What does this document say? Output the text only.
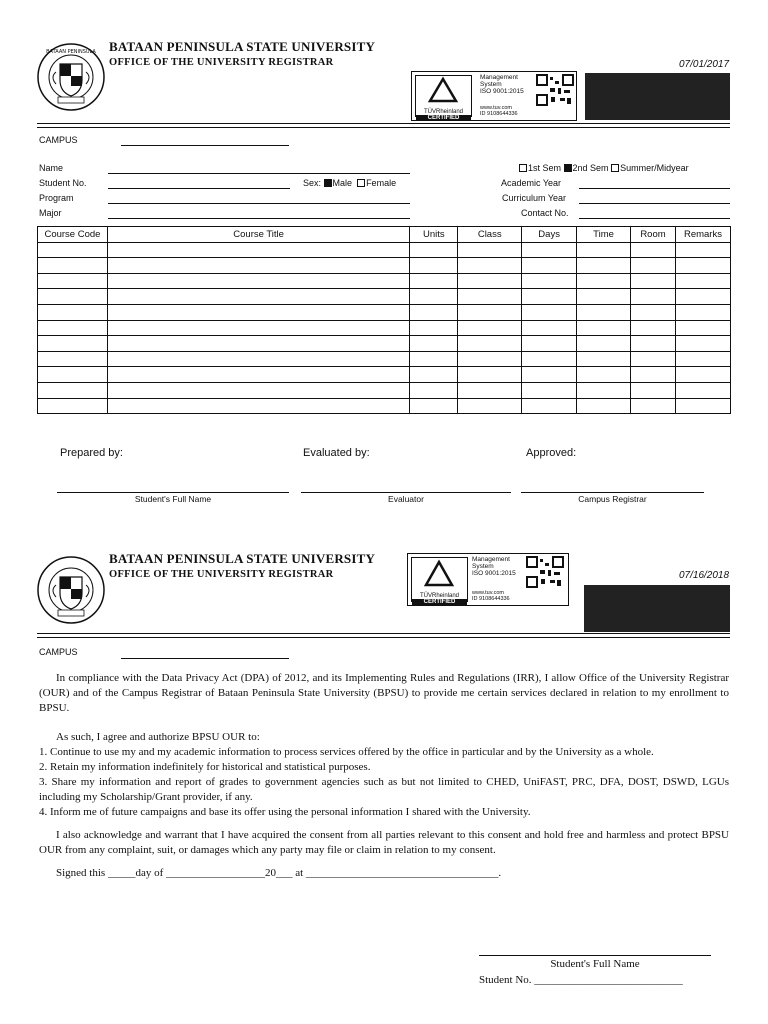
BATAAN PENINSULA BATAAN PENINSULA STATE UNIVERSITY
OFFICE OF THE UNIVERSITY REGISTRAR	07/01/2017
TÜVRheinland
CERTIFIED
Management
System
ISO 9001:2015
www.tuv.com
ID 9108644336
CAMPUS
Name
Student No.	Sex: Male Female
Program
Major
1st Sem 2nd Sem Summer/Midyear
Academic Year
Curriculum Year
Contact No.
Course Code	Course Title	Units	Class	Days	Time	Room	Remarks

Prepared by:	Evaluated by:	Approved:
Student's Full Name	Evaluator	Campus Registrar
BATAAN PENINSULA STATE UNIVERSITY
OFFICE OF THE UNIVERSITY REGISTRAR	07/16/2018
TÜVRheinland
CERTIFIED
Management
System
ISO 9001:2015
www.tuv.com
ID 9108644336
CAMPUS

In compliance with the Data Privacy Act (DPA) of 2012, and its Implementing Rules and Regulations (IRR), I allow Office of the University Registrar (OUR) and of the Campus Registrar of Bataan Peninsula State University (BPSU) to provide me certain services declared in relation to my enrollment to BPSU.

As such, I agree and authorize BPSU OUR to:

1. Continue to use my and my academic information to process services offered by the office in particular and by the University as a whole.

2. Retain my information indefinitely for historical and statistical purposes.

3. Share my information and report of grades to government agencies such as but not limited to CHED, UniFAST, PRC, DFA, DOST, DSWD, LGUs including my Scholarship/Grant provider, if any.

4. Inform me of future campaigns and base its offer using the personal information I shared with the University.

I also acknowledge and warrant that I have acquired the consent from all parties relevant to this consent and hold free and harmless and protect BPSU OUR from any complaint, suit, or damages which any party may file or claim in relation to my consent.

Signed this _____day of __________________20___ at ___________________________________.

Student's Full Name
Student No. ___________________________
